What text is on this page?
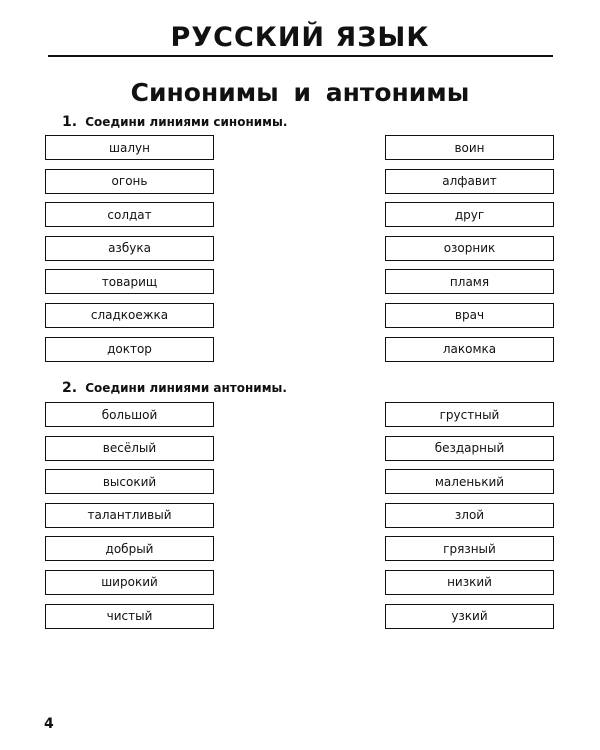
РУССКИЙ ЯЗЫК
Синонимы и антонимы
1. Соедини линиями синонимы.
шалун
огонь
солдат
азбука
товарищ
сладкоежка
доктор
воин
алфавит
друг
озорник
пламя
врач
лакомка
2. Соедини линиями антонимы.
большой
весёлый
высокий
талантливый
добрый
широкий
чистый
грустный
бездарный
маленький
злой
грязный
низкий
узкий
4
